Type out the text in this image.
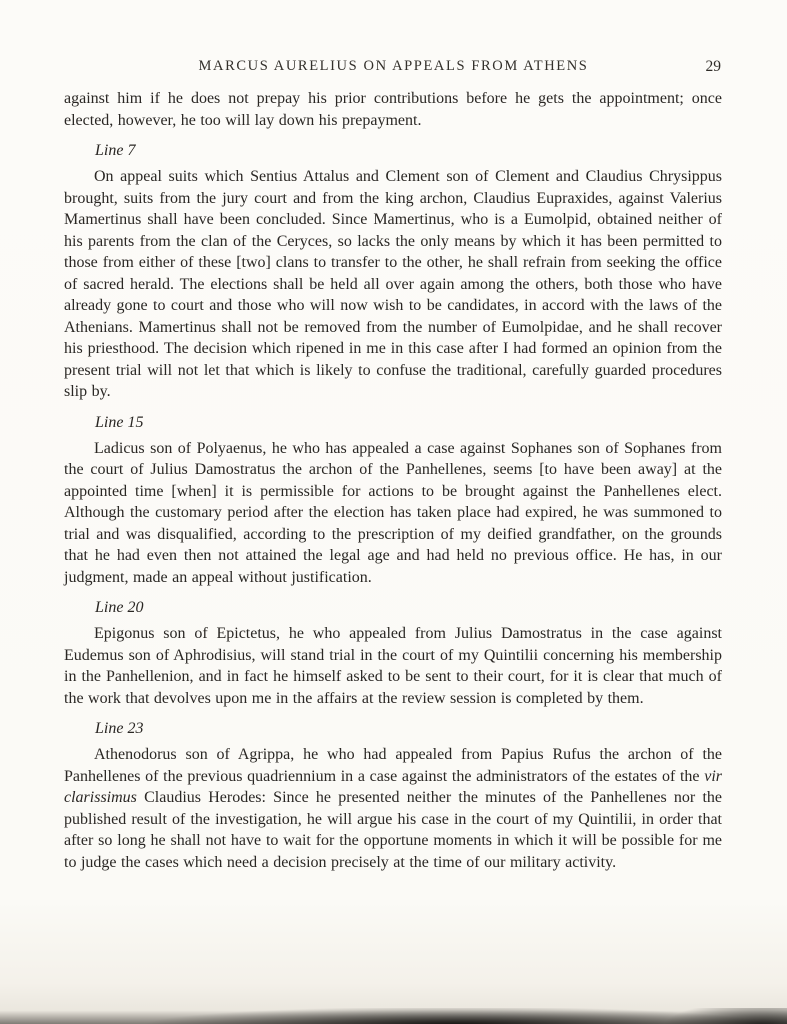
MARCUS AURELIUS ON APPEALS FROM ATHENS	29

against him if he does not prepay his prior contributions before he gets the appointment; once elected, however, he too will lay down his prepayment.

Line 7

On appeal suits which Sentius Attalus and Clement son of Clement and Claudius Chrysippus brought, suits from the jury court and from the king archon, Claudius Eupraxides, against Valerius Mamertinus shall have been concluded. Since Mamertinus, who is a Eumolpid, obtained neither of his parents from the clan of the Ceryces, so lacks the only means by which it has been permitted to those from either of these [two] clans to transfer to the other, he shall refrain from seeking the office of sacred herald. The elections shall be held all over again among the others, both those who have already gone to court and those who will now wish to be candidates, in accord with the laws of the Athenians. Mamertinus shall not be removed from the number of Eumolpidae, and he shall recover his priesthood. The decision which ripened in me in this case after I had formed an opinion from the present trial will not let that which is likely to confuse the traditional, carefully guarded procedures slip by.

Line 15

Ladicus son of Polyaenus, he who has appealed a case against Sophanes son of Sophanes from the court of Julius Damostratus the archon of the Panhellenes, seems [to have been away] at the appointed time [when] it is permissible for actions to be brought against the Panhellenes elect. Although the customary period after the election has taken place had expired, he was summoned to trial and was disqualified, according to the prescription of my deified grandfather, on the grounds that he had even then not attained the legal age and had held no previous office. He has, in our judgment, made an appeal without justification.

Line 20

Epigonus son of Epictetus, he who appealed from Julius Damostratus in the case against Eudemus son of Aphrodisius, will stand trial in the court of my Quintilii concerning his membership in the Panhellenion, and in fact he himself asked to be sent to their court, for it is clear that much of the work that devolves upon me in the affairs at the review session is completed by them.

Line 23

Athenodorus son of Agrippa, he who had appealed from Papius Rufus the archon of the Panhellenes of the previous quadriennium in a case against the administrators of the estates of the vir clarissimus Claudius Herodes: Since he presented neither the minutes of the Panhellenes nor the published result of the investigation, he will argue his case in the court of my Quintilii, in order that after so long he shall not have to wait for the opportune moments in which it will be possible for me to judge the cases which need a decision precisely at the time of our military activity.
